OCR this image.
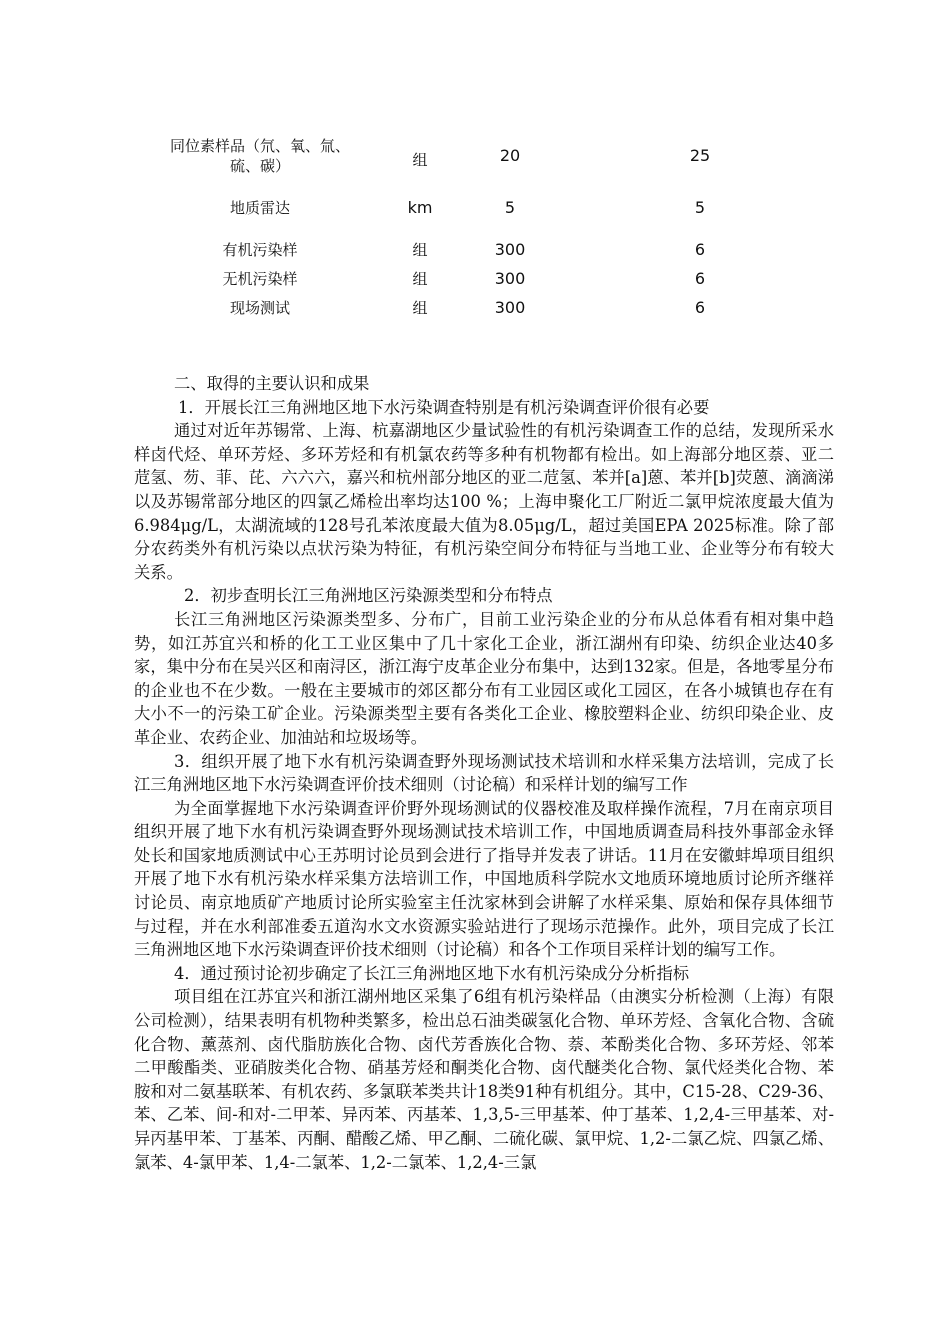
同位素样品（氘、氧、氚、硫、碳）	组	20	25
地质雷达	km	5	5
有机污染样	组	300	6
无机污染样	组	300	6
现场测试	组	300	6

二、取得的主要认识和成果

1．开展长江三角洲地区地下水污染调查特别是有机污染调查评价很有必要

通过对近年苏锡常、上海、杭嘉湖地区少量试验性的有机污染调查工作的总结，发现所采水样卤代烃、单环芳烃、多环芳烃和有机氯农药等多种有机物都有检出。如上海部分地区萘、亚二苊氢、芴、菲、芘、六六六，嘉兴和杭州部分地区的亚二苊氢、苯并[a]蒽、苯并[b]荧蒽、滴滴涕以及苏锡常部分地区的四氯乙烯检出率均达100 %；上海申聚化工厂附近二氯甲烷浓度最大值为6.984μg/L，太湖流域的128号孔苯浓度最大值为8.05μg/L，超过美国EPA 2025标准。除了部分农药类外有机污染以点状污染为特征，有机污染空间分布特征与当地工业、企业等分布有较大关系。

2．初步查明长江三角洲地区污染源类型和分布特点

长江三角洲地区污染源类型多、分布广，目前工业污染企业的分布从总体看有相对集中趋势，如江苏宜兴和桥的化工工业区集中了几十家化工企业，浙江湖州有印染、纺织企业达40多家，集中分布在吴兴区和南浔区，浙江海宁皮革企业分布集中，达到132家。但是，各地零星分布的企业也不在少数。一般在主要城市的郊区都分布有工业园区或化工园区，在各小城镇也存在有大小不一的污染工矿企业。污染源类型主要有各类化工企业、橡胶塑料企业、纺织印染企业、皮革企业、农药企业、加油站和垃圾场等。

3．组织开展了地下水有机污染调查野外现场测试技术培训和水样采集方法培训，完成了长江三角洲地区地下水污染调查评价技术细则（讨论稿）和采样计划的编写工作

为全面掌握地下水污染调查评价野外现场测试的仪器校准及取样操作流程，7月在南京项目组织开展了地下水有机污染调查野外现场测试技术培训工作，中国地质调查局科技外事部金永铎处长和国家地质测试中心王苏明讨论员到会进行了指导并发表了讲话。11月在安徽蚌埠项目组织开展了地下水有机污染水样采集方法培训工作，中国地质科学院水文地质环境地质讨论所齐继祥讨论员、南京地质矿产地质讨论所实验室主任沈家林到会讲解了水样采集、原始和保存具体细节与过程，并在水利部准委五道沟水文水资源实验站进行了现场示范操作。此外，项目完成了长江三角洲地区地下水污染调查评价技术细则（讨论稿）和各个工作项目采样计划的编写工作。

4．通过预讨论初步确定了长江三角洲地区地下水有机污染成分分析指标

项目组在江苏宜兴和浙江湖州地区采集了6组有机污染样品（由澳实分析检测（上海）有限公司检测），结果表明有机物种类繁多，检出总石油类碳氢化合物、单环芳烃、含氧化合物、含硫化合物、薰蒸剂、卤代脂肪族化合物、卤代芳香族化合物、萘、苯酚类化合物、多环芳烃、邻苯二甲酸酯类、亚硝胺类化合物、硝基芳烃和酮类化合物、卤代醚类化合物、氯代烃类化合物、苯胺和对二氨基联苯、有机农药、多氯联苯类共计18类91种有机组分。其中，C15-28、C29-36、苯、乙苯、间-和对-二甲苯、异丙苯、丙基苯、1,3,5-三甲基苯、仲丁基苯、1,2,4-三甲基苯、对-异丙基甲苯、丁基苯、丙酮、醋酸乙烯、甲乙酮、二硫化碳、氯甲烷、1,2-二氯乙烷、四氯乙烯、氯苯、4-氯甲苯、1,4-二氯苯、1,2-二氯苯、1,2,4-三氯
